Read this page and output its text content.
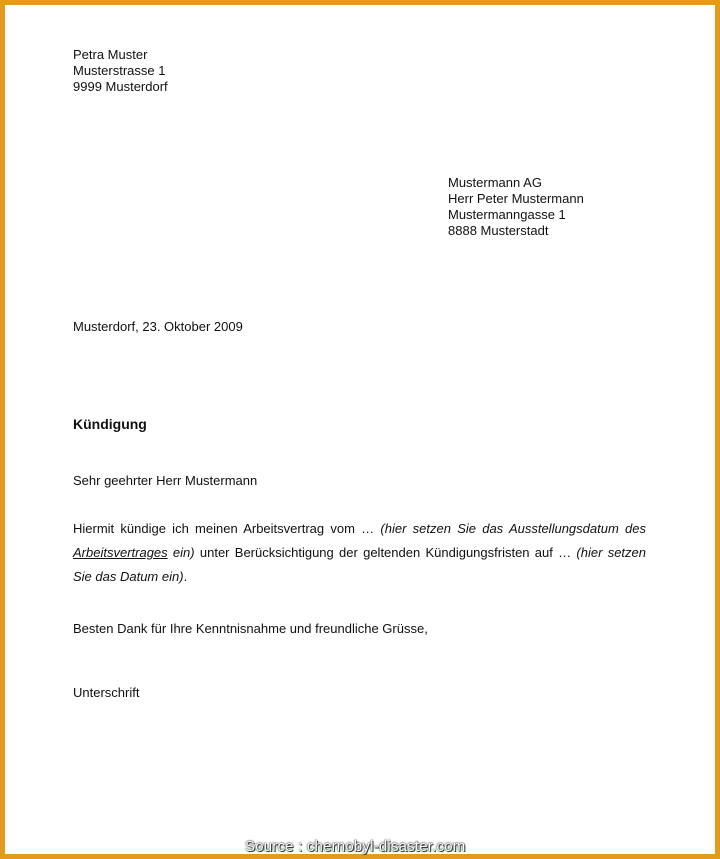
Petra Muster
Musterstrasse 1
9999 Musterdorf
Mustermann AG
Herr Peter Mustermann
Mustermanngasse 1
8888 Musterstadt
Musterdorf, 23. Oktober 2009
Kündigung
Sehr geehrter Herr Mustermann
Hiermit kündige ich meinen Arbeitsvertrag vom … (hier setzen Sie das Ausstellungsdatum des Arbeitsvertrages ein) unter Berücksichtigung der geltenden Kündigungsfristen auf … (hier setzen Sie das Datum ein).
Besten Dank für Ihre Kenntnisnahme und freundliche Grüsse,
Unterschrift
Source : chernobyl-disaster.com
